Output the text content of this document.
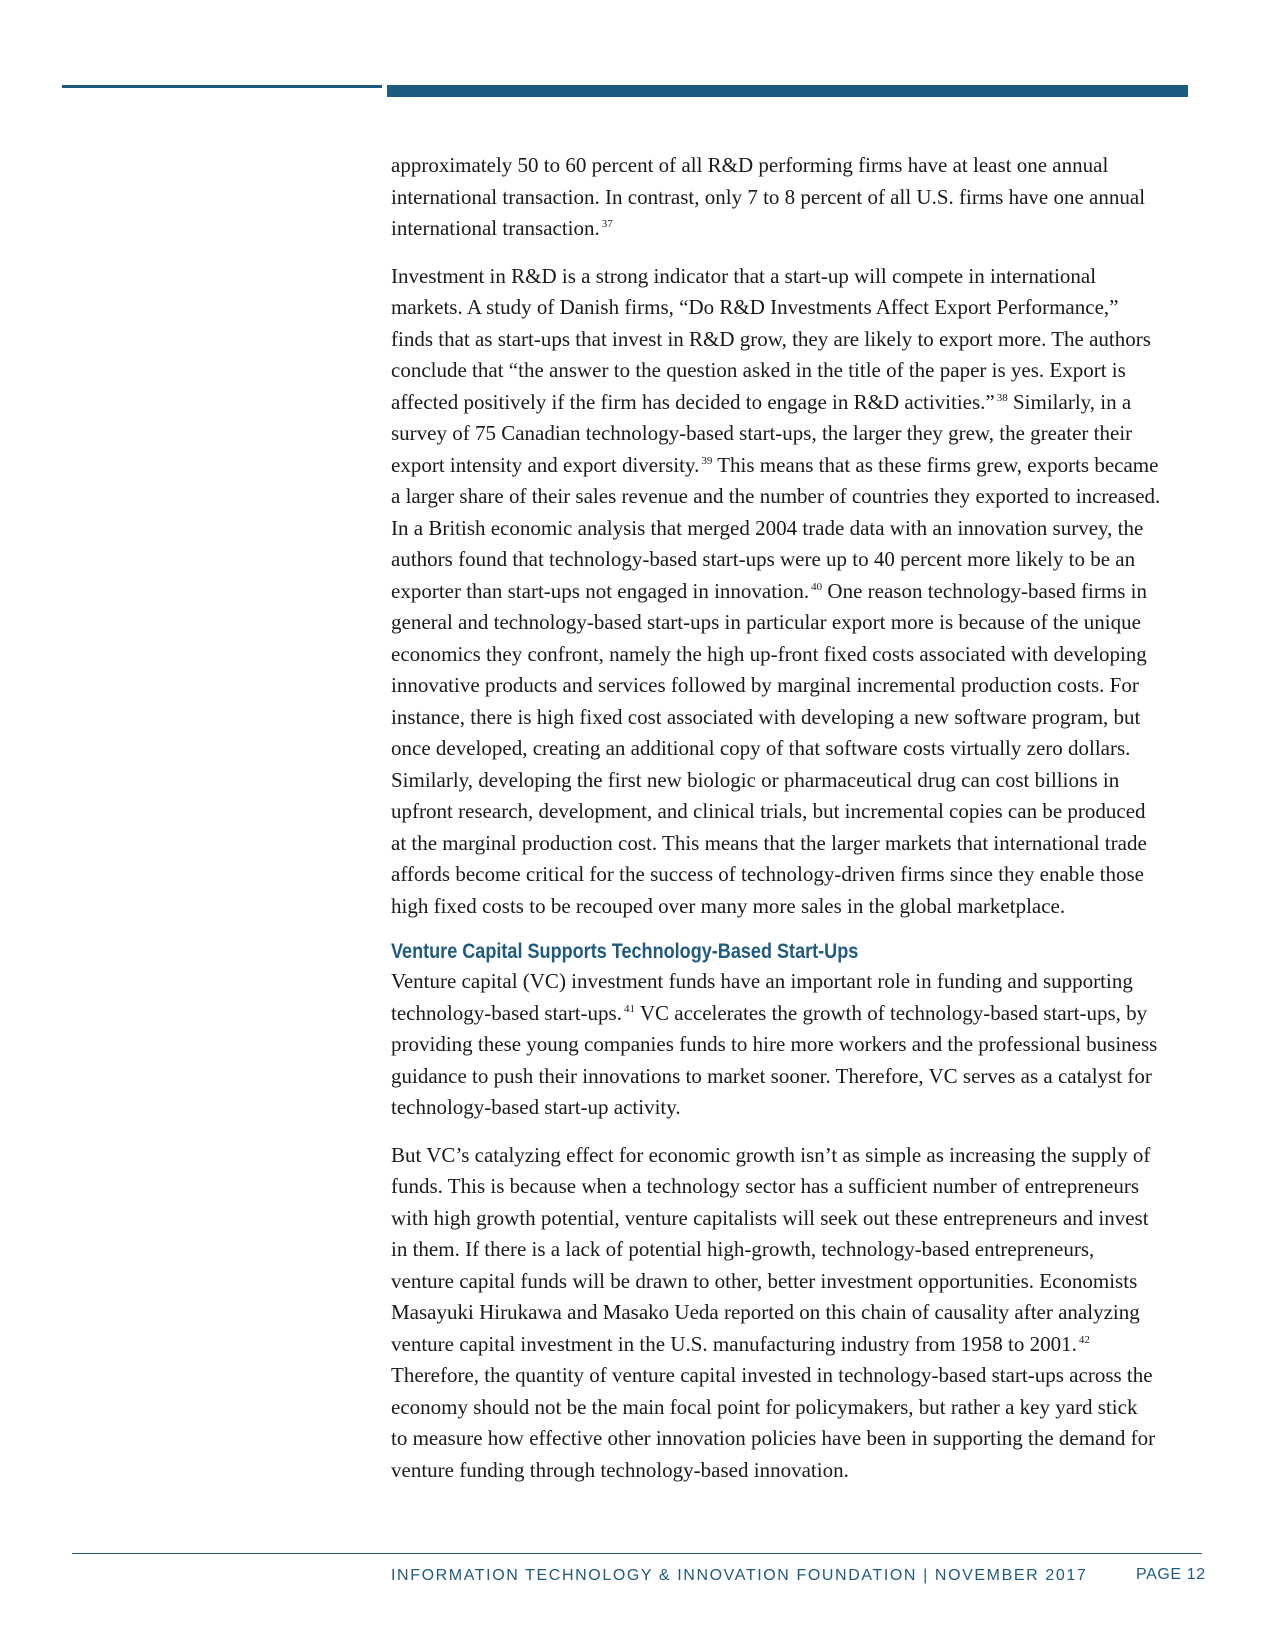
approximately 50 to 60 percent of all R&D performing firms have at least one annual
international transaction. In contrast, only 7 to 8 percent of all U.S. firms have one annual
international transaction. $^{37}$

Investment in R&D is a strong indicator that a start-up will compete in international
markets. A study of Danish firms, “Do R&D Investments Affect Export Performance,”
finds that as start-ups that invest in R&D grow, they are likely to export more. The authors
conclude that “the answer to the question asked in the title of the paper is yes. Export is
affected positively if the firm has decided to engage in R&D activities.” $^{38}$ Similarly, in a
survey of 75 Canadian technology-based start-ups, the larger they grew, the greater their
export intensity and export diversity. $^{39}$ This means that as these firms grew, exports became
a larger share of their sales revenue and the number of countries they exported to increased.
In a British economic analysis that merged 2004 trade data with an innovation survey, the
authors found that technology-based start-ups were up to 40 percent more likely to be an
exporter than start-ups not engaged in innovation. $^{40}$ One reason technology-based firms in
general and technology-based start-ups in particular export more is because of the unique
economics they confront, namely the high up-front fixed costs associated with developing
innovative products and services followed by marginal incremental production costs. For
instance, there is high fixed cost associated with developing a new software program, but
once developed, creating an additional copy of that software costs virtually zero dollars.
Similarly, developing the first new biologic or pharmaceutical drug can cost billions in
upfront research, development, and clinical trials, but incremental copies can be produced
at the marginal production cost. This means that the larger markets that international trade
affords become critical for the success of technology-driven firms since they enable those
high fixed costs to be recouped over many more sales in the global marketplace.

Venture Capital Supports Technology-Based Start-Ups

Venture capital (VC) investment funds have an important role in funding and supporting
technology-based start-ups. $^{41}$ VC accelerates the growth of technology-based start-ups, by
providing these young companies funds to hire more workers and the professional business
guidance to push their innovations to market sooner. Therefore, VC serves as a catalyst for
technology-based start-up activity.

But VC’s catalyzing effect for economic growth isn’t as simple as increasing the supply of
funds. This is because when a technology sector has a sufficient number of entrepreneurs
with high growth potential, venture capitalists will seek out these entrepreneurs and invest
in them. If there is a lack of potential high-growth, technology-based entrepreneurs,
venture capital funds will be drawn to other, better investment opportunities. Economists
Masayuki Hirukawa and Masako Ueda reported on this chain of causality after analyzing
venture capital investment in the U.S. manufacturing industry from 1958 to 2001. $^{42}$
Therefore, the quantity of venture capital invested in technology-based start-ups across the
economy should not be the main focal point for policymakers, but rather a key yard stick
to measure how effective other innovation policies have been in supporting the demand for
venture funding through technology-based innovation.

INFORMATION TECHNOLOGY & INNOVATION FOUNDATION | NOVEMBER 2017	PAGE 12
